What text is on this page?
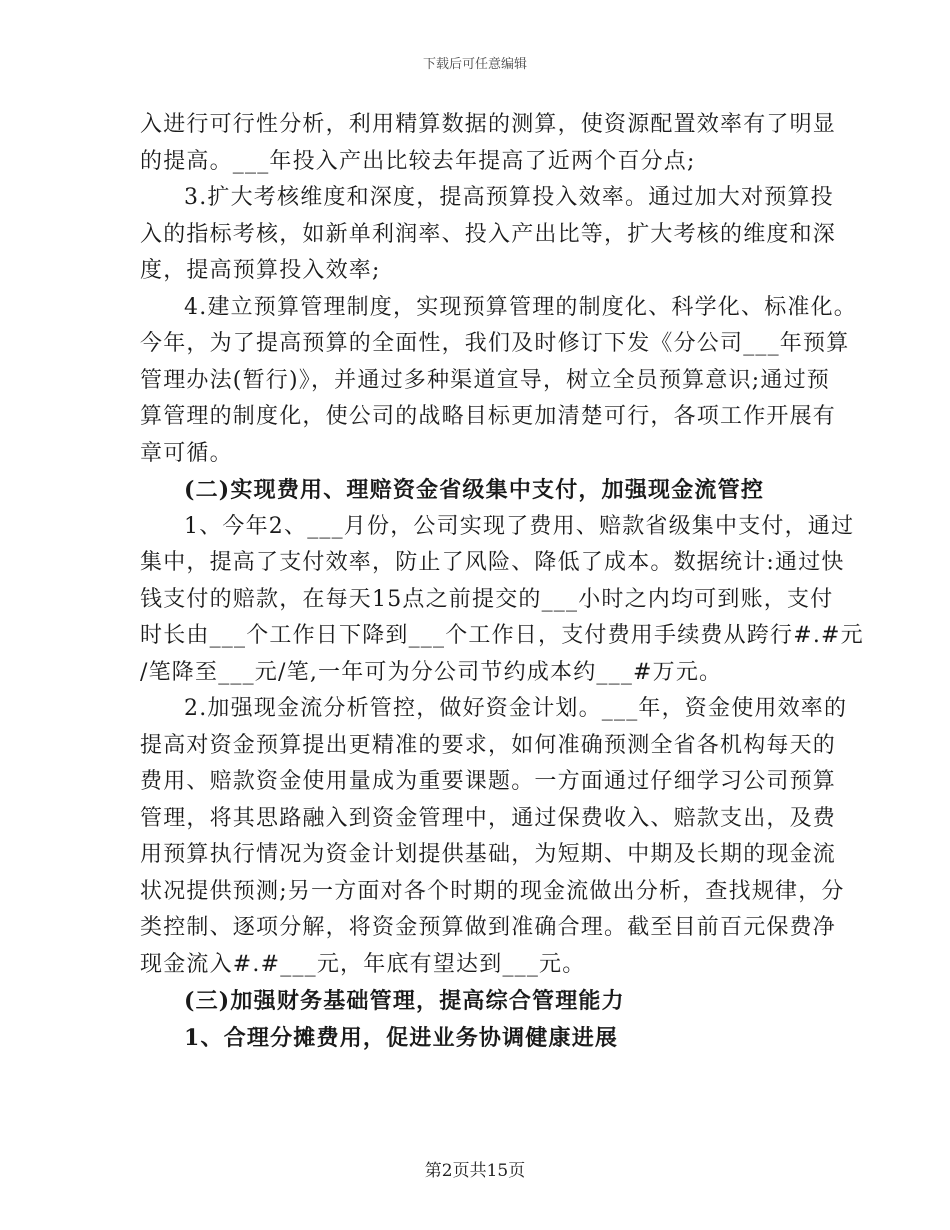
下载后可任意编辑
入进行可行性分析，利用精算数据的测算，使资源配置效率有了明显
的提高。___年投入产出比较去年提高了近两个百分点;
3.扩大考核维度和深度，提高预算投入效率。通过加大对预算投
入的指标考核，如新单利润率、投入产出比等，扩大考核的维度和深
度，提高预算投入效率;
4.建立预算管理制度，实现预算管理的制度化、科学化、标准化。
今年，为了提高预算的全面性，我们及时修订下发《分公司___年预算
管理办法(暂行)》，并通过多种渠道宣导，树立全员预算意识;通过预
算管理的制度化，使公司的战略目标更加清楚可行，各项工作开展有
章可循。
(二)实现费用、理赔资金省级集中支付，加强现金流管控
1、今年2、___月份，公司实现了费用、赔款省级集中支付，通过
集中，提高了支付效率，防止了风险、降低了成本。数据统计:通过快
钱支付的赔款，在每天15点之前提交的___小时之内均可到账，支付
时长由___个工作日下降到___个工作日，支付费用手续费从跨行#.#元
/笔降至___元/笔,一年可为分公司节约成本约___#万元。
2.加强现金流分析管控，做好资金计划。___年，资金使用效率的
提高对资金预算提出更精准的要求，如何准确预测全省各机构每天的
费用、赔款资金使用量成为重要课题。一方面通过仔细学习公司预算
管理，将其思路融入到资金管理中，通过保费收入、赔款支出，及费
用预算执行情况为资金计划提供基础，为短期、中期及长期的现金流
状况提供预测;另一方面对各个时期的现金流做出分析，查找规律，分
类控制、逐项分解，将资金预算做到准确合理。截至目前百元保费净
现金流入#.#___元，年底有望达到___元。
(三)加强财务基础管理，提高综合管理能力
1、合理分摊费用，促进业务协调健康进展
第2页共15页
